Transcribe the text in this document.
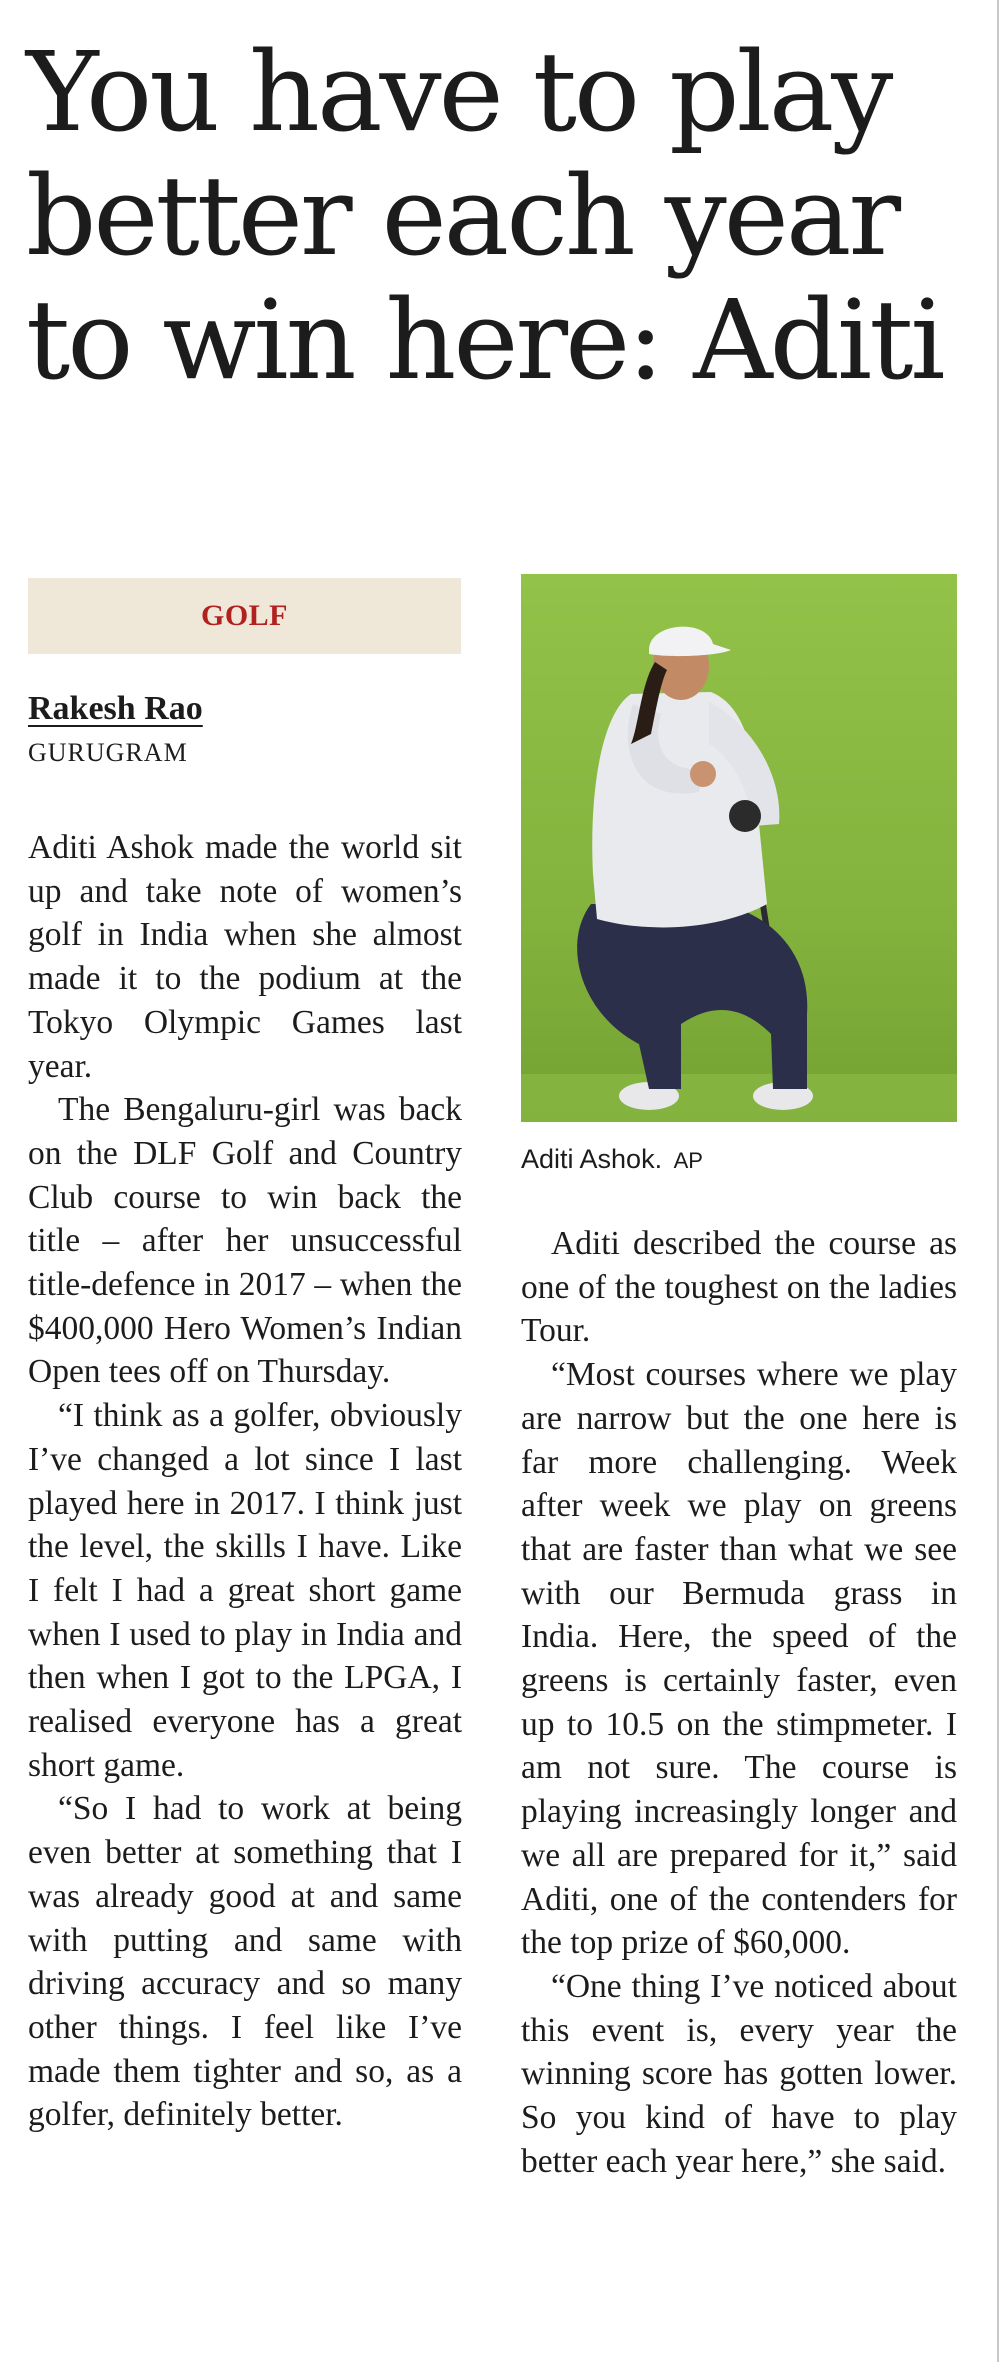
You have to play
better each year
to win here: Aditi
GOLF
Rakesh Rao
GURUGRAM

Aditi Ashok made the world sit up and take note of women’s golf in India when she almost made it to the podium at the Tokyo Olympic Games last year.

The Bengaluru-girl was back on the DLF Golf and Country Club course to win back the title – after her unsuccessful title-defence in 2017 – when the $400,000 Hero Women’s Indian Open tees off on Thursday.

“I think as a golfer, obviously I’ve changed a lot since I last played here in 2017. I think just the level, the skills I have. Like I felt I had a great short game when I used to play in India and then when I got to the LPGA, I realised everyone has a great short game.

“So I had to work at being even better at something that I was already good at and same with putting and same with driving accuracy and so many other things. I feel like I’ve made them tighter and so, as a golfer, definitely better.

Aditi Ashok. AP

Aditi described the course as one of the toughest on the ladies Tour.

“Most courses where we play are narrow but the one here is far more challenging. Week after week we play on greens that are faster than what we see with our Bermuda grass in India. Here, the speed of the greens is certainly faster, even up to 10.5 on the stimpmeter. I am not sure. The course is playing increasingly longer and we all are prepared for it,” said Aditi, one of the contenders for the top prize of $60,000.

“One thing I’ve noticed about this event is, every year the winning score has gotten lower. So you kind of have to play better each year here,” she said.
